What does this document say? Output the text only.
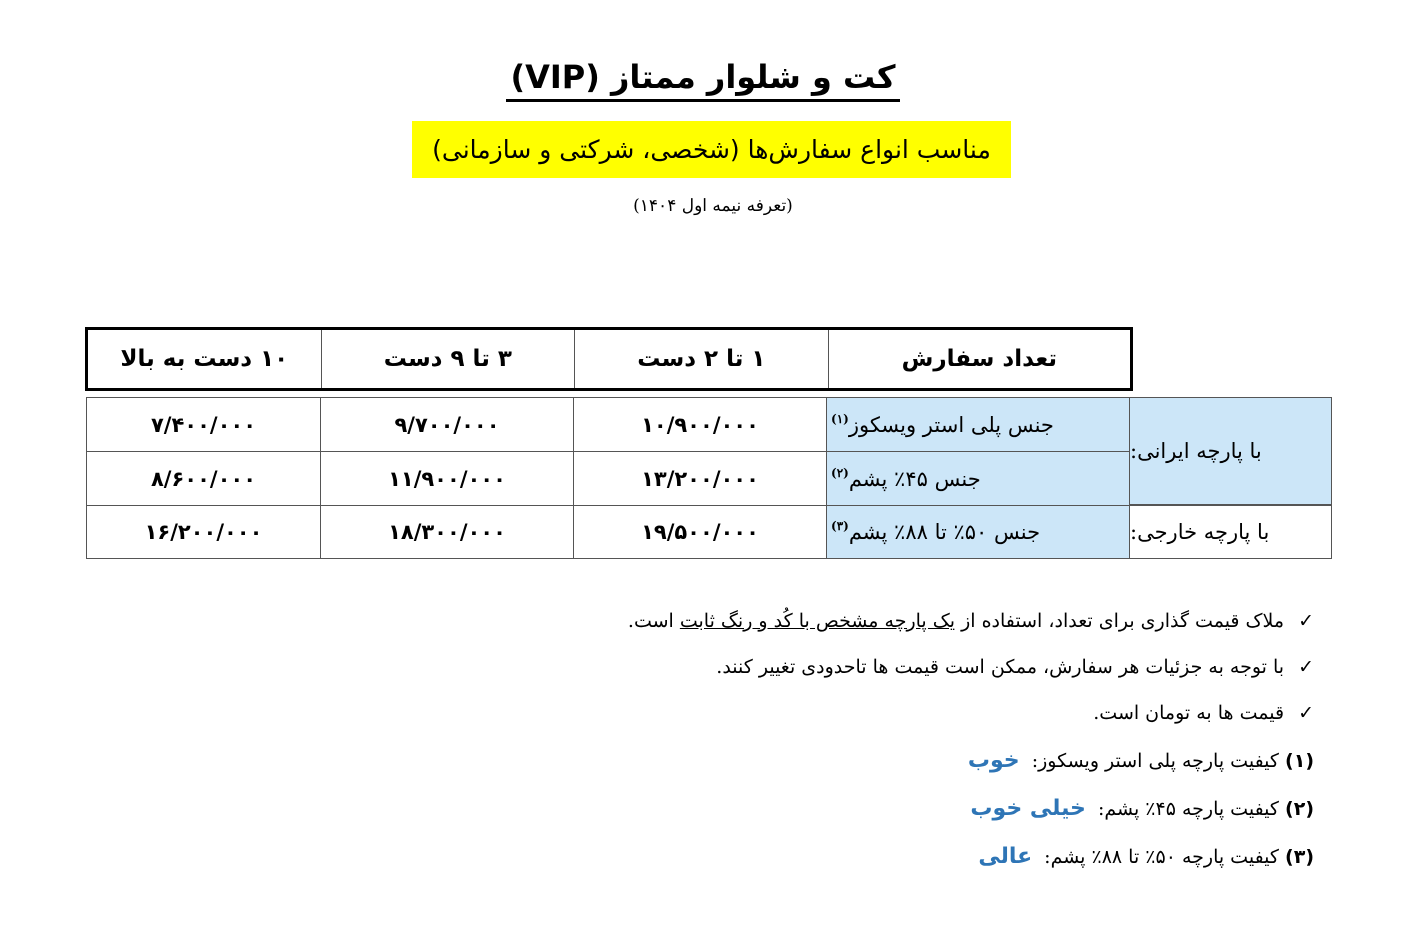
کت و شلوار ممتاز (VIP)
مناسب انواع سفارش‌ها (شخصی، شرکتی و سازمانی)
(تعرفه نیمه اول ۱۴۰۴)
تعداد سفارش
۱ تا ۲ دست
۳ تا ۹ دست
۱۰ دست به بالا
با پارچه ایرانی:
با پارچه خارجی:
جنس پلی استر ویسکوز
$^{(۱)}$
۱۰/۹۰۰/۰۰۰
۹/۷۰۰/۰۰۰
۷/۴۰۰/۰۰۰
جنس ۴۵٪ پشم
$^{(۲)}$
۱۳/۲۰۰/۰۰۰
۱۱/۹۰۰/۰۰۰
۸/۶۰۰/۰۰۰
جنس ۵۰٪ تا ۸۸٪ پشم
$^{(۳)}$
۱۹/۵۰۰/۰۰۰
۱۸/۳۰۰/۰۰۰
۱۶/۲۰۰/۰۰۰
✓ملاک قیمت گذاری برای تعداد، استفاده از یک پارچه مشخص با کُد و رنگ ثابت است.
✓با توجه به جزئیات هر سفارش، ممکن است قیمت ها تاحدودی تغییر کنند.
✓قیمت ها به تومان است.
(۱) کیفیت پارچه پلی استر ویسکوز: خوب
(۲) کیفیت پارچه ۴۵٪ پشم: خیلی خوب
(۳) کیفیت پارچه ۵۰٪ تا ۸۸٪ پشم: عالی
